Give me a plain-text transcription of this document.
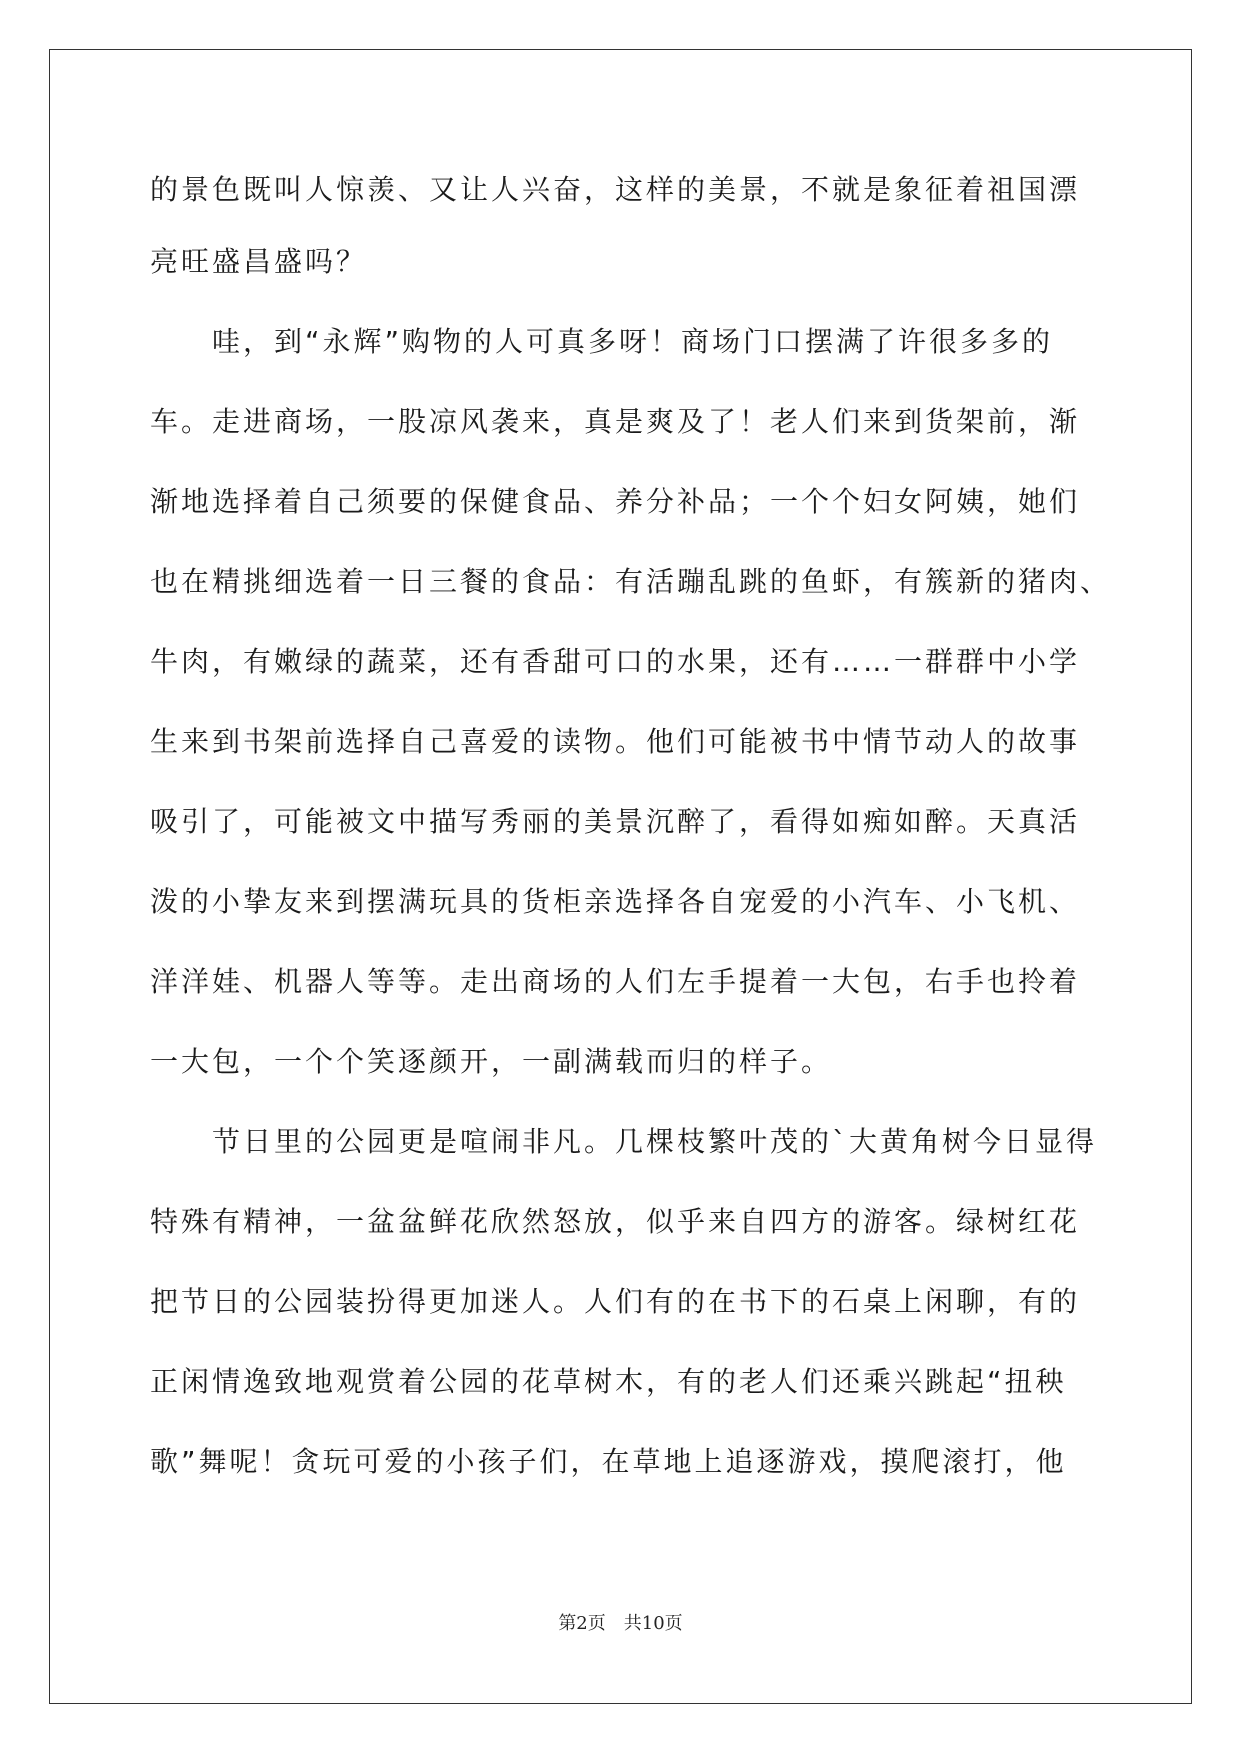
的景色既叫人惊羡、又让人兴奋，这样的美景，不就是象征着祖国漂
亮旺盛昌盛吗？
哇，到“永辉”购物的人可真多呀！商场门口摆满了许很多多的
车。走进商场，一股凉风袭来，真是爽及了！老人们来到货架前，渐
渐地选择着自己须要的保健食品、养分补品；一个个妇女阿姨，她们
也在精挑细选着一日三餐的食品：有活蹦乱跳的鱼虾，有簇新的猪肉、
牛肉，有嫩绿的蔬菜，还有香甜可口的水果，还有……一群群中小学
生来到书架前选择自己喜爱的读物。他们可能被书中情节动人的故事
吸引了，可能被文中描写秀丽的美景沉醉了，看得如痴如醉。天真活
泼的小挚友来到摆满玩具的货柜亲选择各自宠爱的小汽车、小飞机、
洋洋娃、机器人等等。走出商场的人们左手提着一大包，右手也拎着
一大包，一个个笑逐颜开，一副满载而归的样子。
节日里的公园更是喧闹非凡。几棵枝繁叶茂的`大黄角树今日显得
特殊有精神，一盆盆鲜花欣然怒放，似乎来自四方的游客。绿树红花
把节日的公园装扮得更加迷人。人们有的在书下的石桌上闲聊，有的
正闲情逸致地观赏着公园的花草树木，有的老人们还乘兴跳起“扭秧
歌”舞呢！贪玩可爱的小孩子们，在草地上追逐游戏，摸爬滚打，他
第2页 共10页
